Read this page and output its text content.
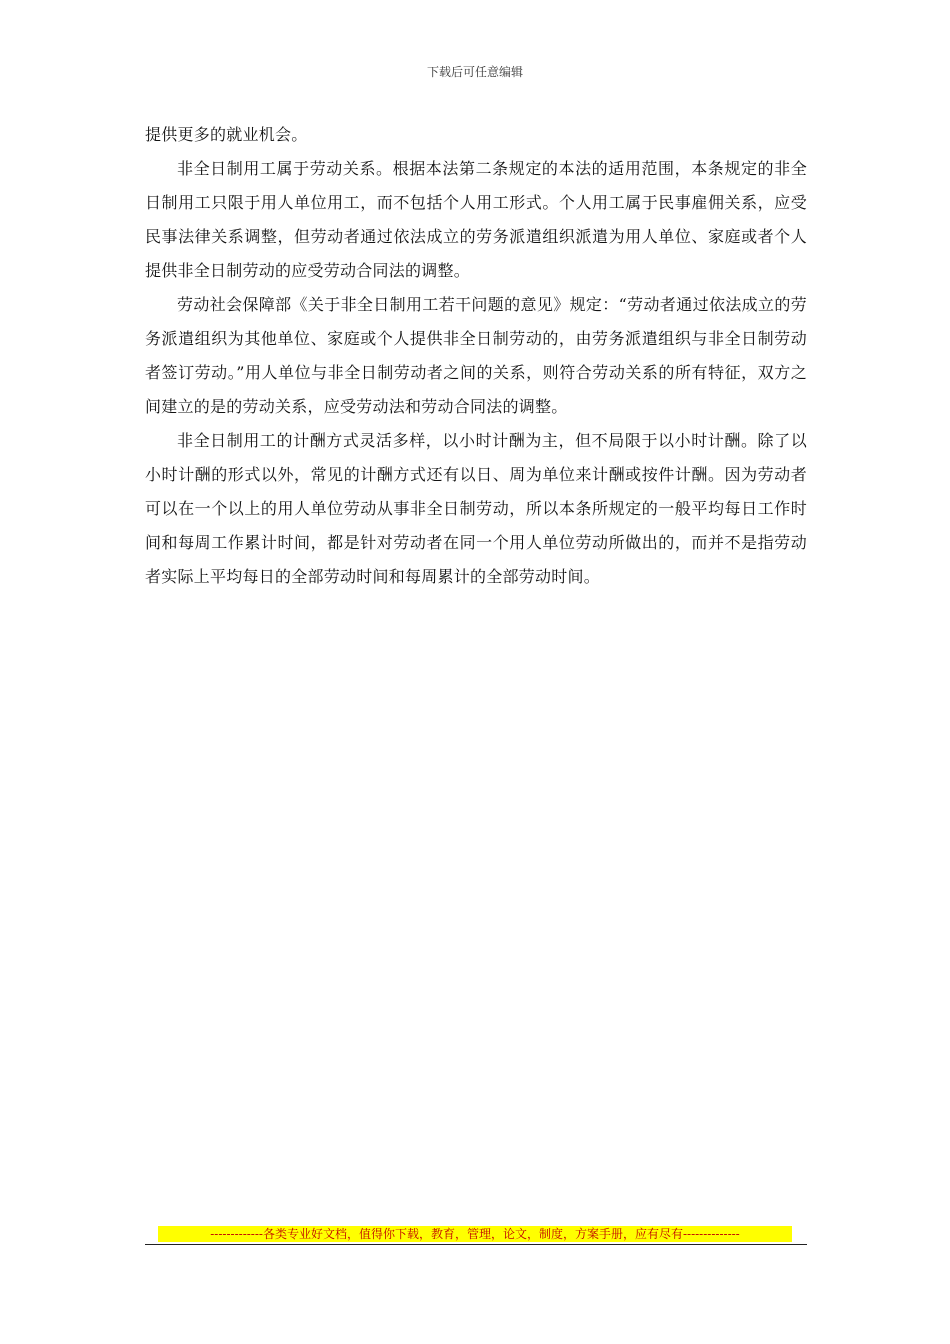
下载后可任意编辑

提供更多的就业机会。

非全日制用工属于劳动关系。根据本法第二条规定的本法的适用范围，本条规定的非全日制用工只限于用人单位用工，而不包括个人用工形式。个人用工属于民事雇佣关系，应受民事法律关系调整，但劳动者通过依法成立的劳务派遣组织派遣为用人单位、家庭或者个人提供非全日制劳动的应受劳动合同法的调整。

劳动社会保障部《关于非全日制用工若干问题的意见》规定：“劳动者通过依法成立的劳务派遣组织为其他单位、家庭或个人提供非全日制劳动的，由劳务派遣组织与非全日制劳动者签订劳动。”用人单位与非全日制劳动者之间的关系，则符合劳动关系的所有特征，双方之间建立的是的劳动关系，应受劳动法和劳动合同法的调整。

非全日制用工的计酬方式灵活多样，以小时计酬为主，但不局限于以小时计酬。除了以小时计酬的形式以外，常见的计酬方式还有以日、周为单位来计酬或按件计酬。因为劳动者可以在一个以上的用人单位劳动从事非全日制劳动，所以本条所规定的一般平均每日工作时间和每周工作累计时间，都是针对劳动者在同一个用人单位劳动所做出的，而并不是指劳动者实际上平均每日的全部劳动时间和每周累计的全部劳动时间。

-------------各类专业好文档，值得你下载，教育，管理，论文，制度，方案手册，应有尽有--------------
